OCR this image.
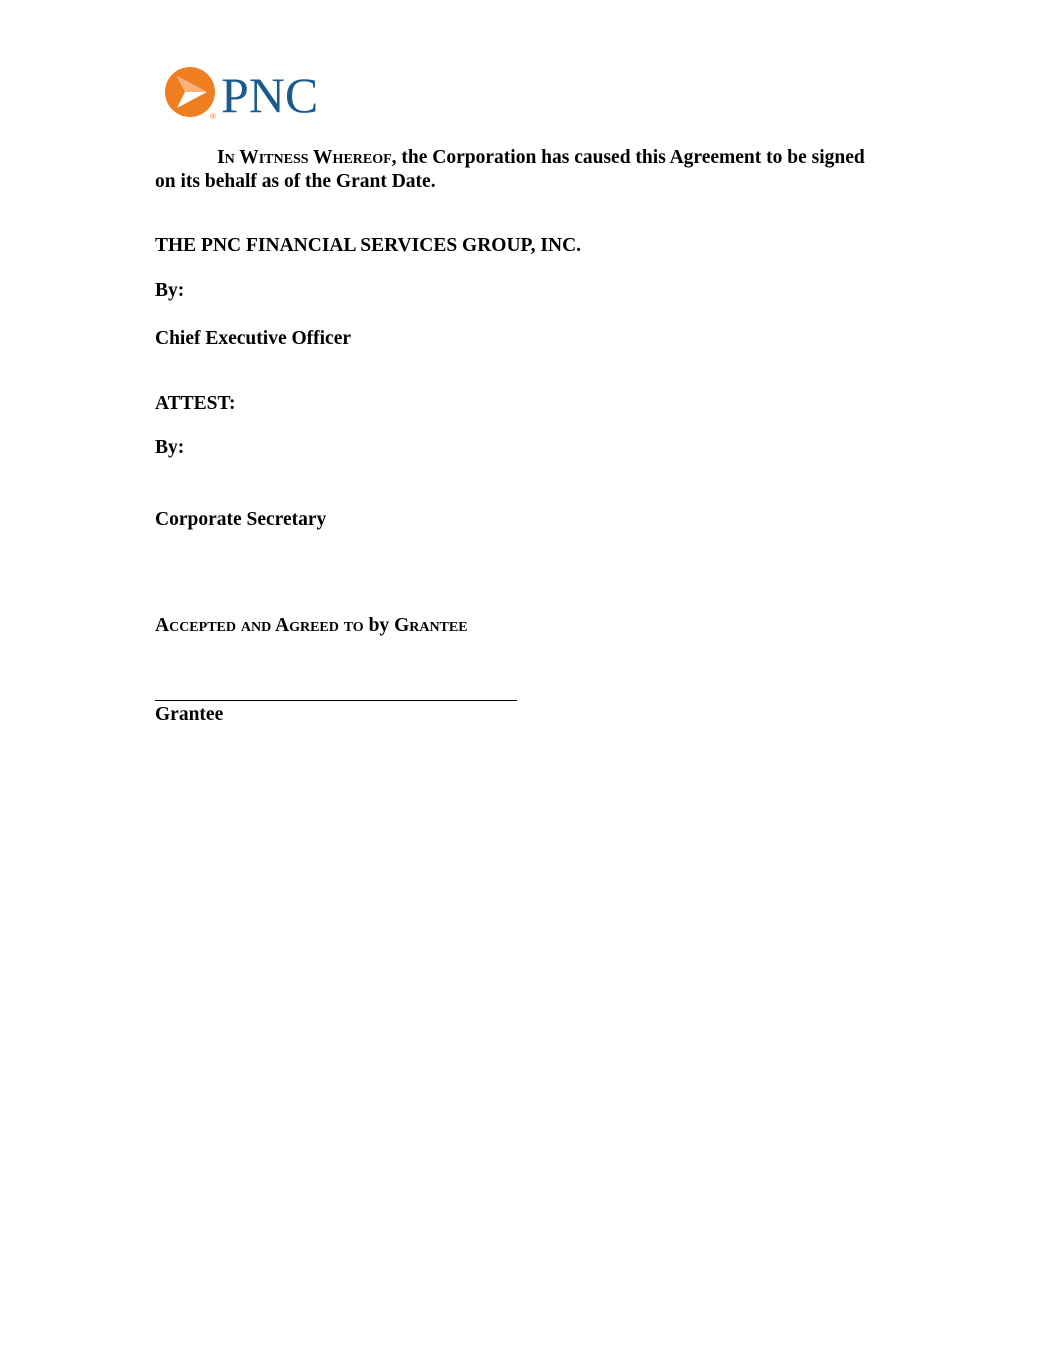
® PNC

In Witness Whereof, the Corporation has caused this Agreement to be signed on its behalf as of the Grant Date.

THE PNC FINANCIAL SERVICES GROUP, INC.

By:

Chief Executive Officer

ATTEST:

By:

Corporate Secretary

Accepted and Agreed to by Grantee

Grantee
